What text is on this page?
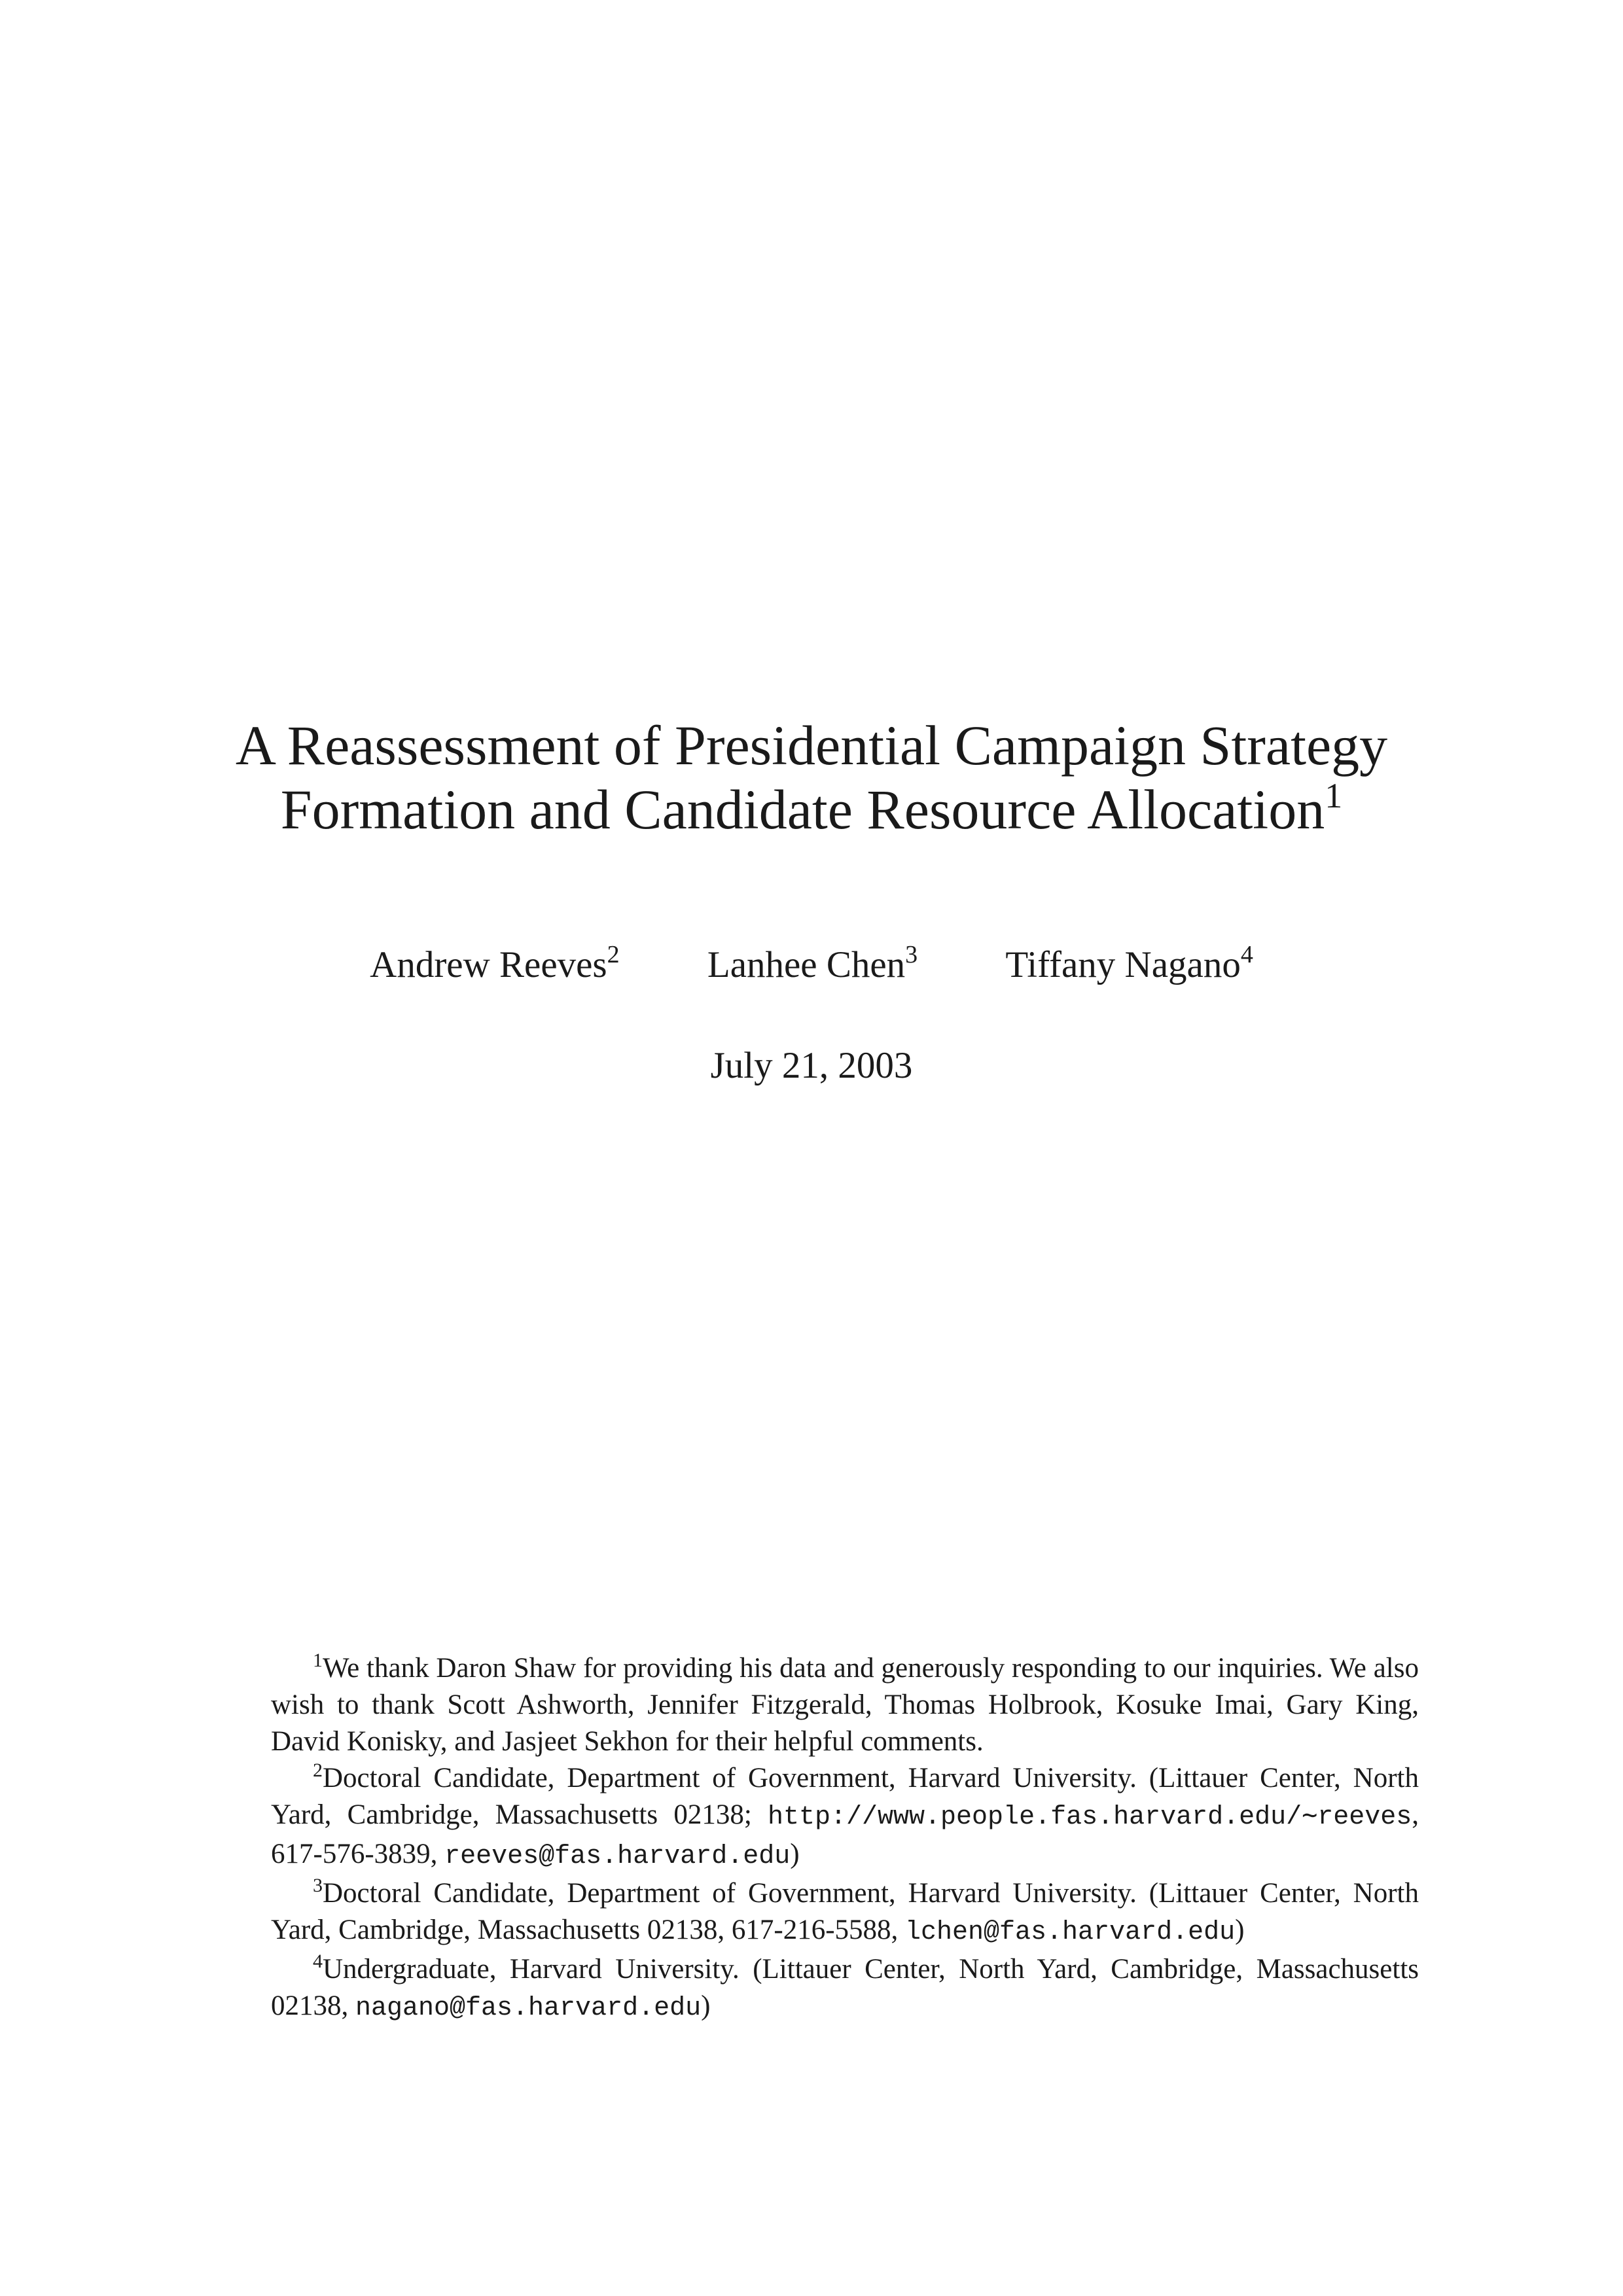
A Reassessment of Presidential Campaign Strategy
Formation and Candidate Resource Allocation$^1$
Andrew Reeves$^2$ Lanhee Chen$^3$ Tiffany Nagano$^4$
July 21, 2003

$^1$We thank Daron Shaw for providing his data and generously responding to our inquiries. We also wish to thank Scott Ashworth, Jennifer Fitzgerald, Thomas Holbrook, Kosuke Imai, Gary King, David Konisky, and Jasjeet Sekhon for their helpful comments.

$^2$Doctoral Candidate, Department of Government, Harvard University. (Littauer Center, North Yard, Cambridge, Massachusetts 02138; http://www.people.fas.harvard.edu/∼reeves, 617-576-3839, reeves@fas.harvard.edu)

$^3$Doctoral Candidate, Department of Government, Harvard University. (Littauer Center, North Yard, Cambridge, Massachusetts 02138, 617-216-5588, lchen@fas.harvard.edu)

$^4$Undergraduate, Harvard University. (Littauer Center, North Yard, Cambridge, Massachusetts 02138, nagano@fas.harvard.edu)
